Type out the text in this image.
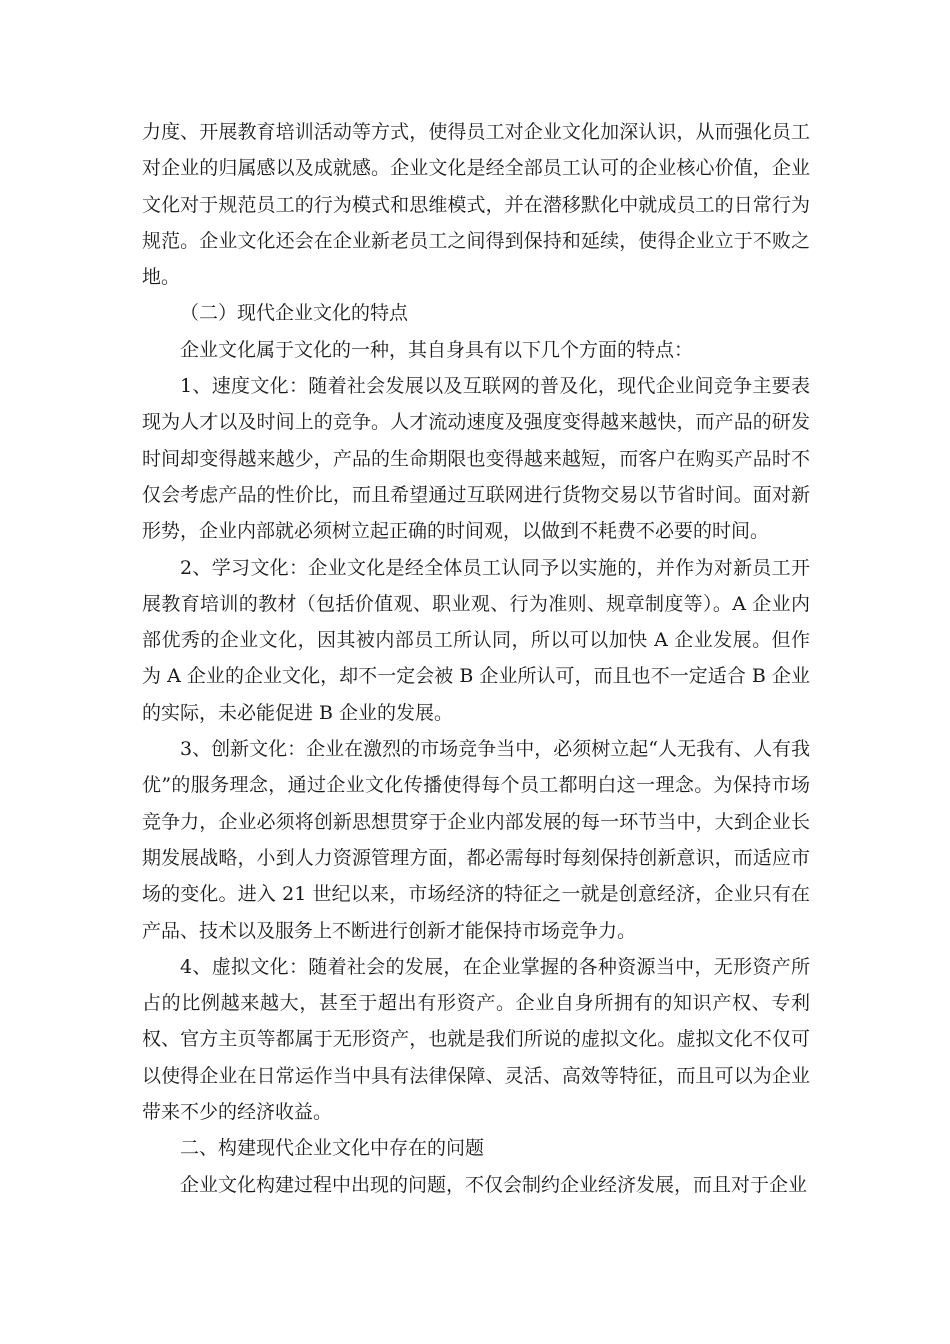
力度、开展教育培训活动等方式，使得员工对企业文化加深认识，从而强化员工对企业的归属感以及成就感。企业文化是经全部员工认可的企业核心价值，企业文化对于规范员工的行为模式和思维模式，并在潜移默化中就成员工的日常行为规范。企业文化还会在企业新老员工之间得到保持和延续，使得企业立于不败之地。

（二）现代企业文化的特点

企业文化属于文化的一种，其自身具有以下几个方面的特点：

1、速度文化：随着社会发展以及互联网的普及化，现代企业间竞争主要表现为人才以及时间上的竞争。人才流动速度及强度变得越来越快，而产品的研发时间却变得越来越少，产品的生命期限也变得越来越短，而客户在购买产品时不仅会考虑产品的性价比，而且希望通过互联网进行货物交易以节省时间。面对新形势，企业内部就必须树立起正确的时间观，以做到不耗费不必要的时间。

2、学习文化：企业文化是经全体员工认同予以实施的，并作为对新员工开展教育培训的教材（包括价值观、职业观、行为准则、规章制度等）。A 企业内部优秀的企业文化，因其被内部员工所认同，所以可以加快 A 企业发展。但作为 A 企业的企业文化，却不一定会被 B 企业所认可，而且也不一定适合 B 企业的实际，未必能促进 B 企业的发展。

3、创新文化：企业在激烈的市场竞争当中，必须树立起“人无我有、人有我优”的服务理念，通过企业文化传播使得每个员工都明白这一理念。为保持市场竞争力，企业必须将创新思想贯穿于企业内部发展的每一环节当中，大到企业长期发展战略，小到人力资源管理方面，都必需每时每刻保持创新意识，而适应市场的变化。进入 21 世纪以来，市场经济的特征之一就是创意经济，企业只有在产品、技术以及服务上不断进行创新才能保持市场竞争力。

4、虚拟文化：随着社会的发展，在企业掌握的各种资源当中，无形资产所占的比例越来越大，甚至于超出有形资产。企业自身所拥有的知识产权、专利权、官方主页等都属于无形资产，也就是我们所说的虚拟文化。虚拟文化不仅可以使得企业在日常运作当中具有法律保障、灵活、高效等特征，而且可以为企业带来不少的经济收益。

二、构建现代企业文化中存在的问题

企业文化构建过程中出现的问题，不仅会制约企业经济发展，而且对于企业
